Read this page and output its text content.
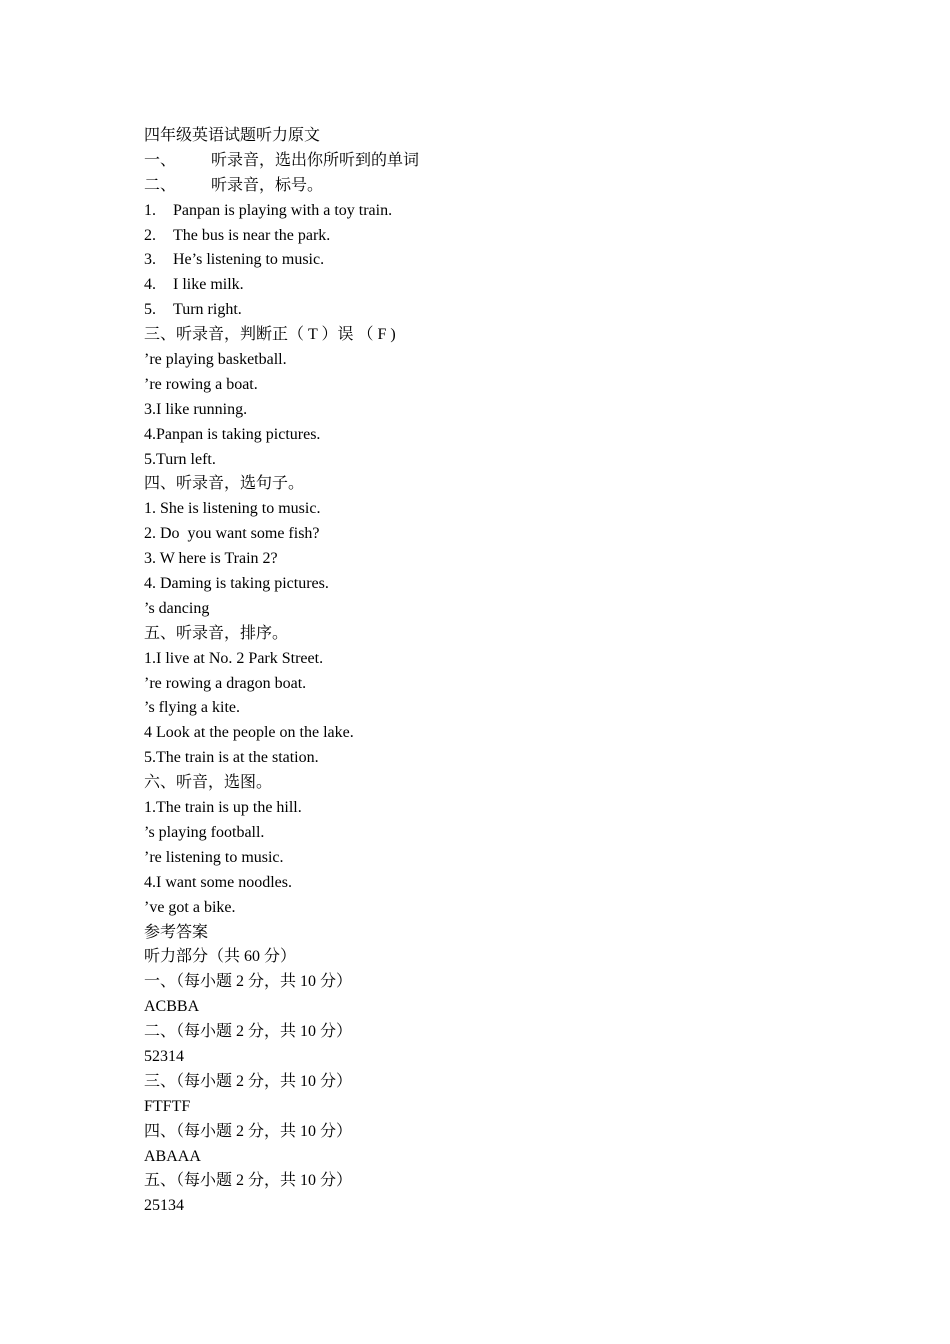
四年级英语试题听力原文
一、 听录音，选出你所听到的单词
二、 听录音，标号。
1. Panpan is playing with a toy train.
2. The bus is near the park.
3. He’s listening to music.
4. I like milk.
5. Turn right.
三、听录音，判断正（ T ）误 （ F )
’re playing basketball.
’re rowing a boat.
3.I like running.
4.Panpan is taking pictures.
5.Turn left.
四、听录音，选句子。
1. She is listening to music.
2. Do  you want some fish?
3. W here is Train 2?
4. Daming is taking pictures.
’s dancing
五、听录音，排序。
1.I live at No. 2 Park Street.
’re rowing a dragon boat.
’s flying a kite.
4 Look at the people on the lake.
5.The train is at the station.
六、听音，选图。
1.The train is up the hill.
’s playing football.
’re listening to music.
4.I want some noodles.
’ve got a bike.
参考答案
听力部分（共 60 分）
一、（每小题 2 分，共 10 分）
ACBBA
二、（每小题 2 分，共 10 分）
52314
三、（每小题 2 分，共 10 分）
FTFTF
四、（每小题 2 分，共 10 分）
ABAAA
五、（每小题 2 分，共 10 分）
25134
